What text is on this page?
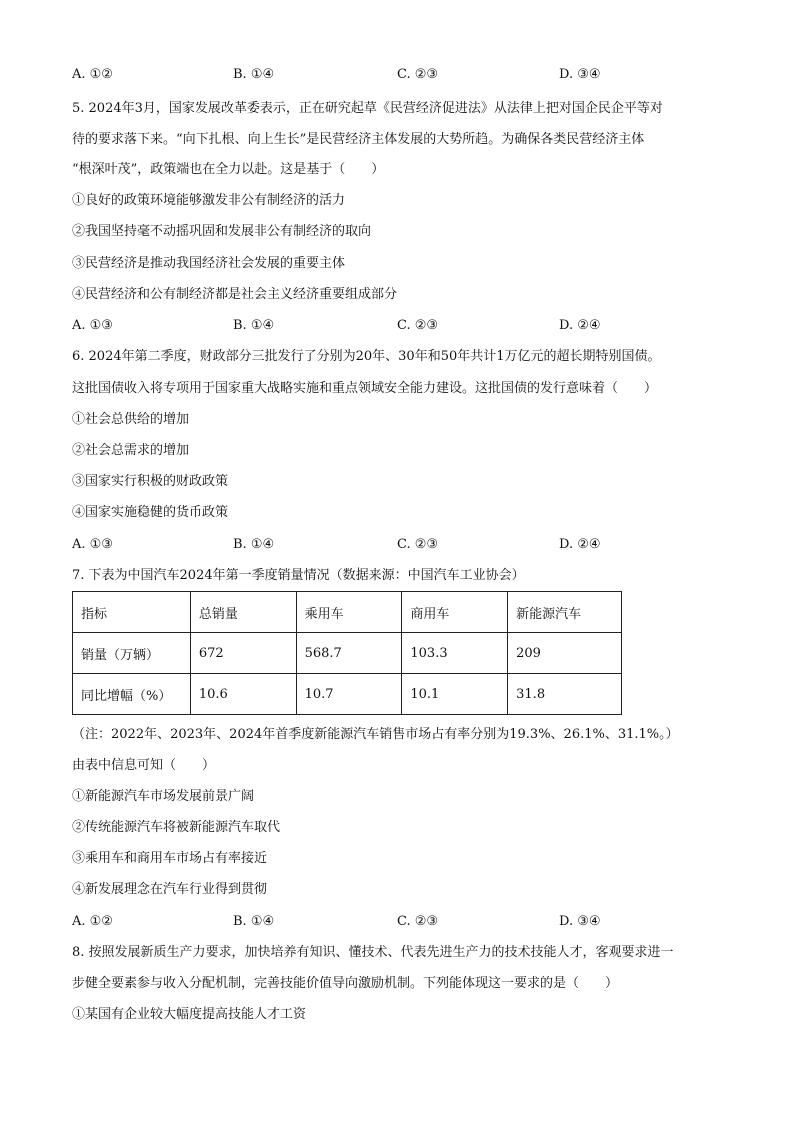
A. ①②	B. ①④	C. ②③	D. ③④
5. 2024年3月，国家发展改革委表示，正在研究起草《民营经济促进法》从法律上把对国企民企平等对
待的要求落下来。“向下扎根、向上生长”是民营经济主体发展的大势所趋。为确保各类民营经济主体
“根深叶茂”，政策端也在全力以赴。这是基于（　　）
①良好的政策环境能够激发非公有制经济的活力
②我国坚持毫不动摇巩固和发展非公有制经济的取向
③民营经济是推动我国经济社会发展的重要主体
④民营经济和公有制经济都是社会主义经济重要组成部分
A. ①③	B. ①④	C. ②③	D. ②④
6. 2024年第二季度，财政部分三批发行了分别为20年、30年和50年共计1万亿元的超长期特别国债。
这批国债收入将专项用于国家重大战略实施和重点领域安全能力建设。这批国债的发行意味着（　　）
①社会总供给的增加
②社会总需求的增加
③国家实行积极的财政政策
④国家实施稳健的货币政策
A. ①③	B. ①④	C. ②③	D. ②④
7. 下表为中国汽车2024年第一季度销量情况（数据来源：中国汽车工业协会）
指标	总销量	乘用车	商用车	新能源汽车
销量（万辆）	672	568.7	103.3	209
同比增幅（%）	10.6	10.7	10.1	31.8
（注：2022年、2023年、2024年首季度新能源汽车销售市场占有率分别为19.3%、26.1%、31.1%。）
由表中信息可知（　　）
①新能源汽车市场发展前景广阔
②传统能源汽车将被新能源汽车取代
③乘用车和商用车市场占有率接近
④新发展理念在汽车行业得到贯彻
A. ①②	B. ①④	C. ②③	D. ③④
8. 按照发展新质生产力要求，加快培养有知识、懂技术、代表先进生产力的技术技能人才，客观要求进一
步健全要素参与收入分配机制，完善技能价值导向激励机制。下列能体现这一要求的是（　　）
①某国有企业较大幅度提高技能人才工资
